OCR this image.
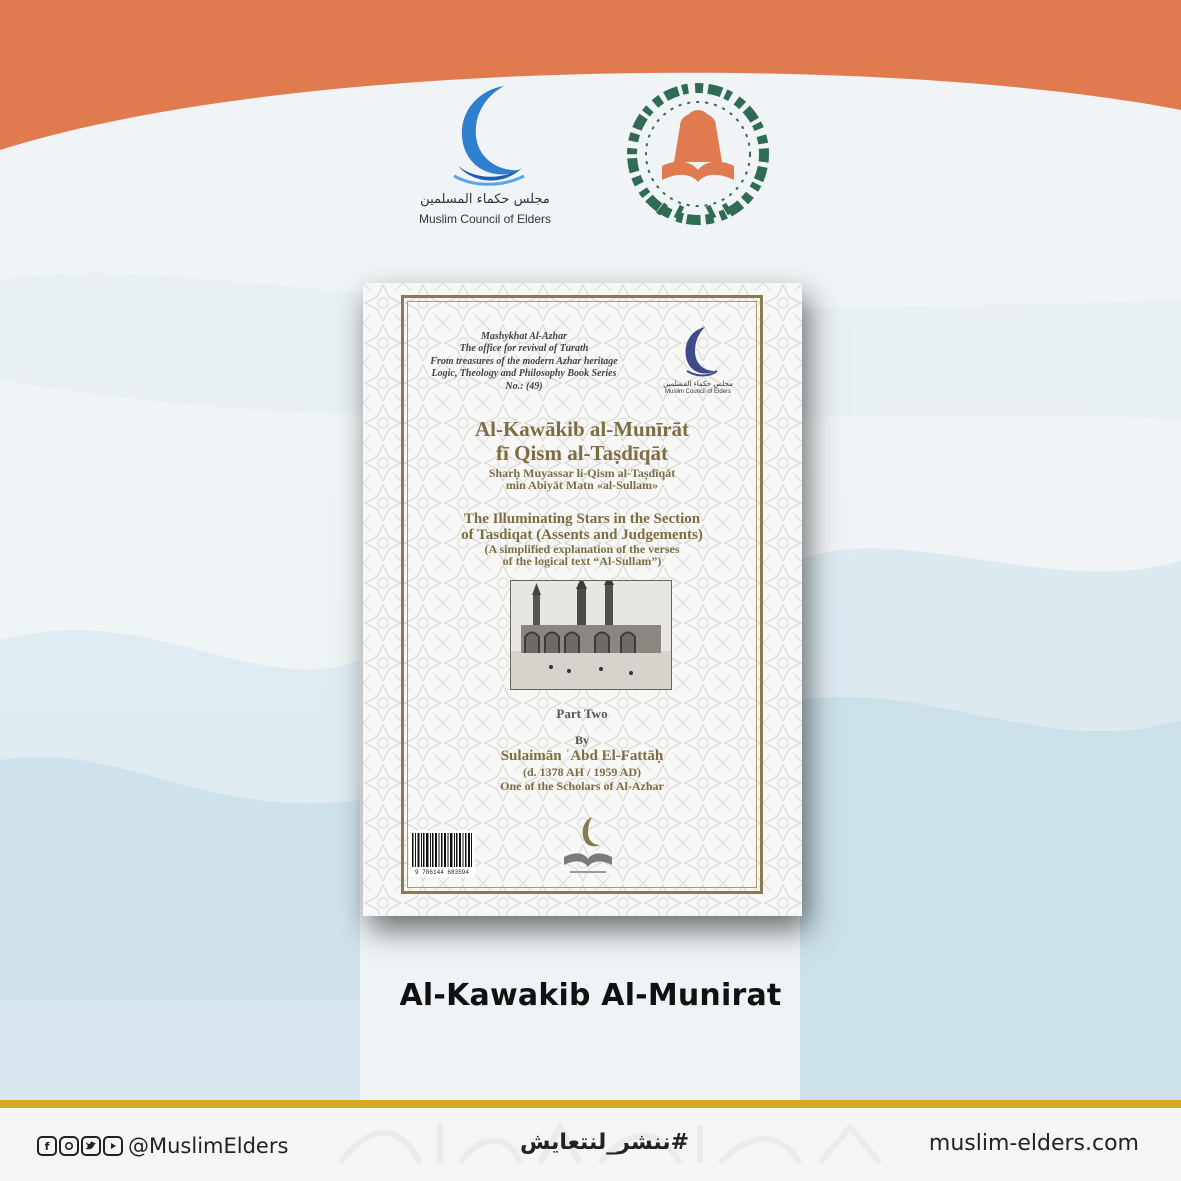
مجلس حكماء المسلمين
Muslim Council of Elders
Mashykhat Al-Azhar
The office for revival of Turath
From treasures of the modern Azhar heritage
Logic, Theology and Philosophy Book Series
No.: (49)	مجلس حكماء المسلمين
Muslim Council of Elders
Al-Kawākib al-Munīrāt
fī Qism al-Taṣdīqāt
Sharḥ Muyassar li-Qism al-Taṣdīqāt
min Abiyāt Matn «al-Sullam»
The Illuminating Stars in the Section
of Tasdiqat (Assents and Judgements)
(A simplified explanation of the verses
of the logical text “Al-Sullam”)
Part Two
By
Sulaimān ʿAbd El-Fattāḥ
(d. 1378 AH / 1959 AD)
One of the Scholars of Al-Azhar
9 786144 683594
Al-Kawakib Al-Munirat
f	@MuslimElders	#ننشر_لنتعايش	muslim-elders.com
